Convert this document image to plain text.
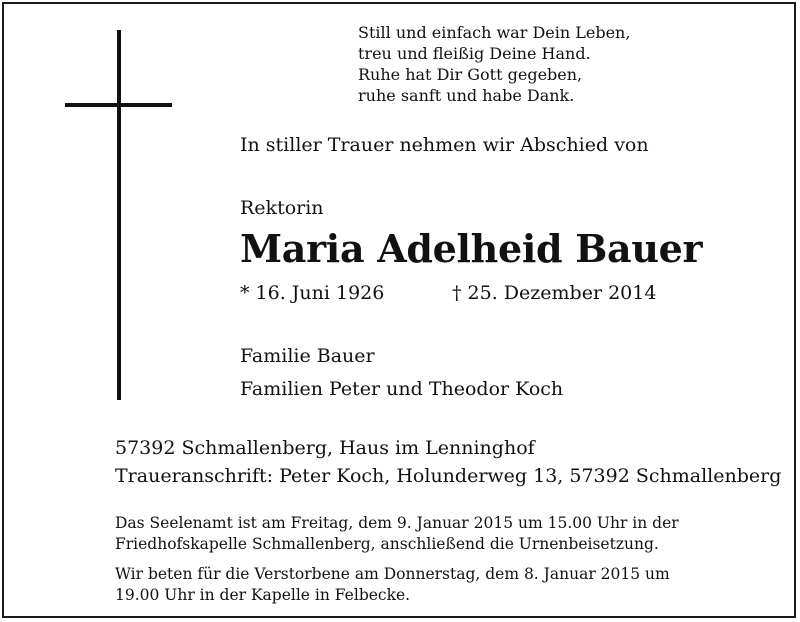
Still und einfach war Dein Leben,
treu und fleißig Deine Hand.
Ruhe hat Dir Gott gegeben,
ruhe sanft und habe Dank.
In stiller Trauer nehmen wir Abschied von
Rektorin
Maria Adelheid Bauer
* 16. Juni 1926	† 25. Dezember 2014
Familie Bauer
Familien Peter und Theodor Koch
57392 Schmallenberg, Haus im Lenninghof
Traueranschrift: Peter Koch, Holunderweg 13, 57392 Schmallenberg
Das Seelenamt ist am Freitag, dem 9. Januar 2015 um 15.00 Uhr in der
Friedhofskapelle Schmallenberg, anschließend die Urnenbeisetzung.
Wir beten für die Verstorbene am Donnerstag, dem 8. Januar 2015 um
19.00 Uhr in der Kapelle in Felbecke.
